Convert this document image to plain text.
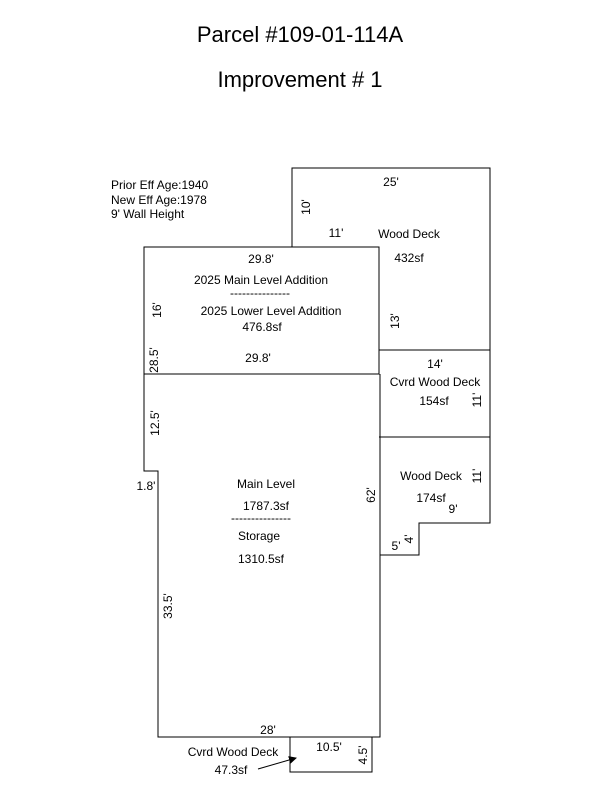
Parcel #109-01-114A
Improvement # 1
Prior Eff Age:1940
New Eff Age:1978
9' Wall Height
25'
10'
11'	Wood Deck
432sf
13'
29.8'
2025 Main Level Addition
---------------
2025 Lower Level Addition
476.8sf
16'
28.5'	29.8'	14'
Cvrd Wood Deck
154sf 11'
Wood Deck
174sf
11'
9'
4'
5'
Main Level
1787.3sf
---------------
Storage
1310.5sf
12.5'
1.8'
33.5'
62'
28'
10.5' 4.5'
Cvrd Wood Deck
47.3sf
